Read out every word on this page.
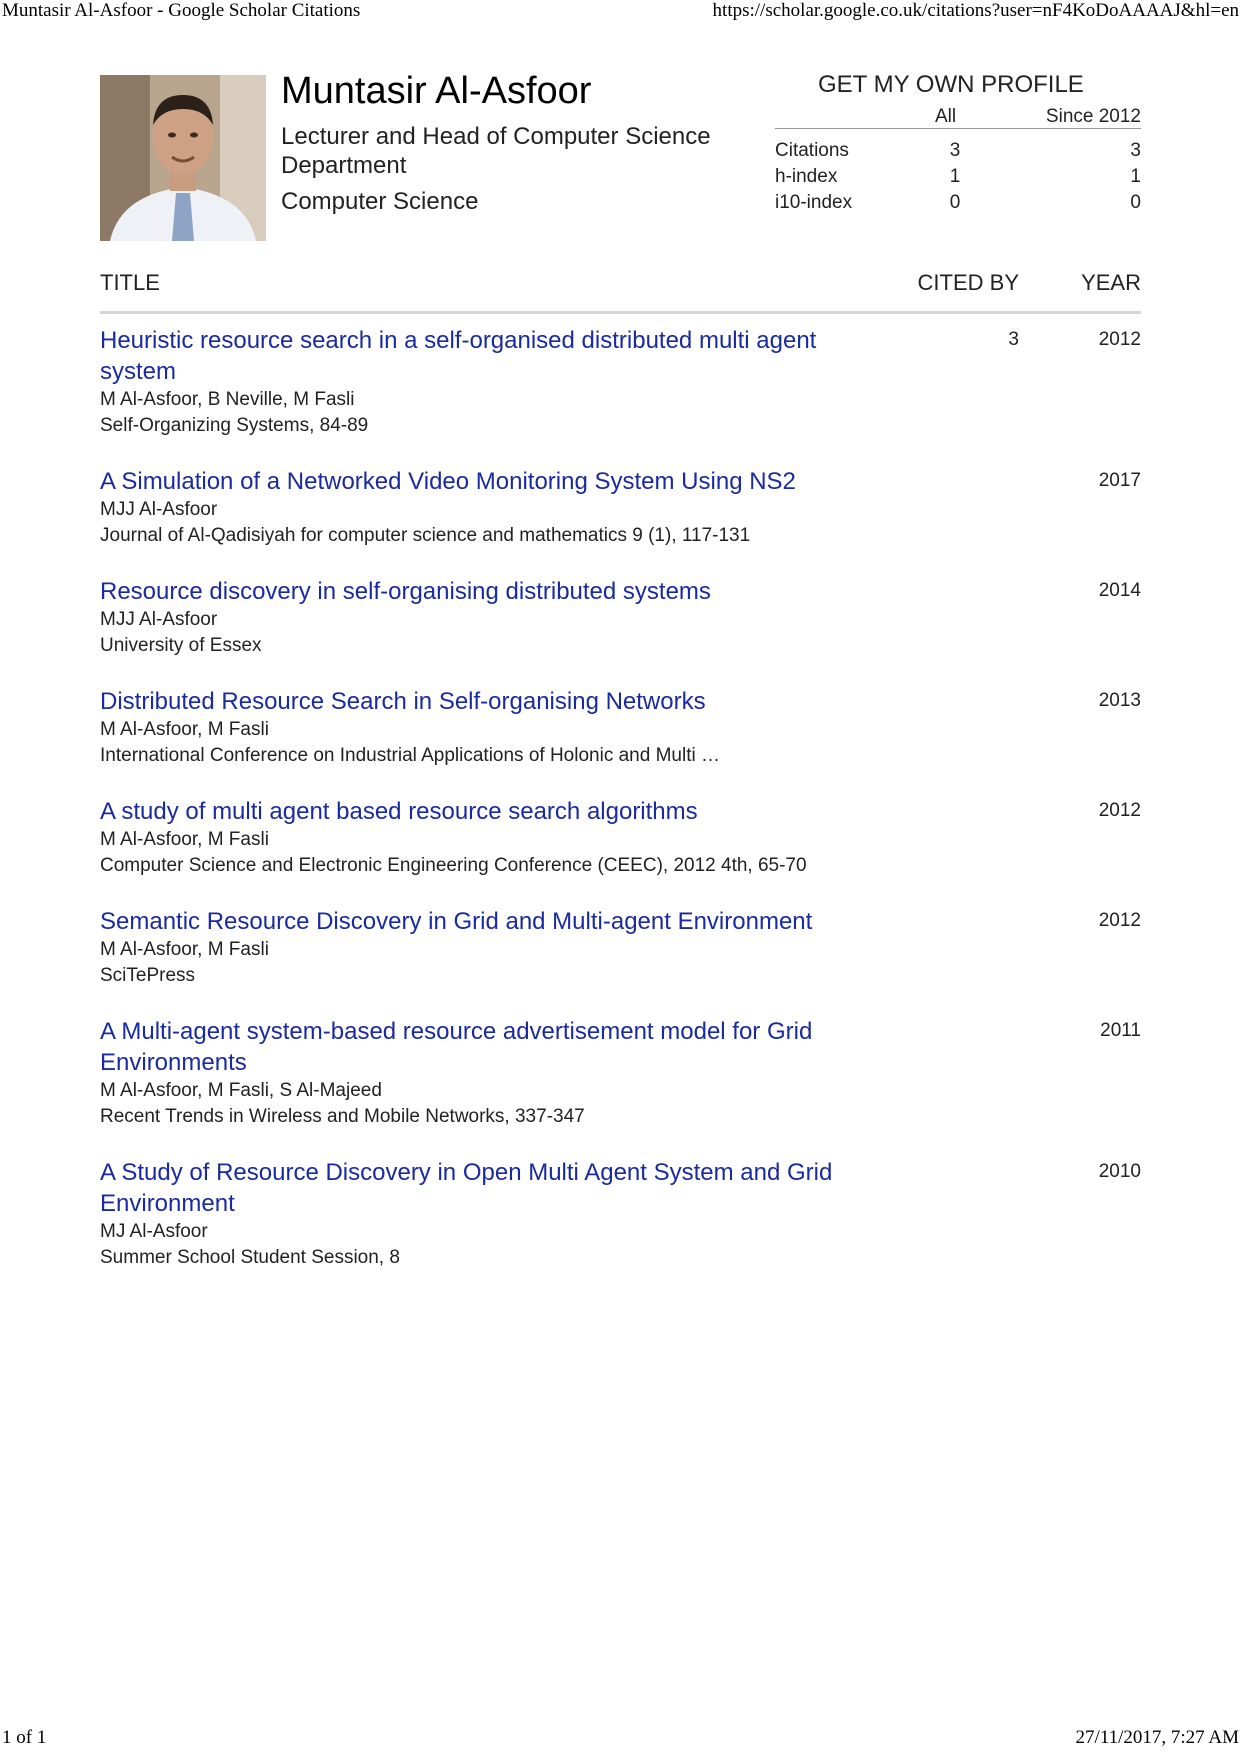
Muntasir Al-Asfoor - Google Scholar Citations	https://scholar.google.co.uk/citations?user=nF4KoDoAAAAJ&hl=en
Muntasir Al-Asfoor
Lecturer and Head of Computer Science Department
Computer Science
GET MY OWN PROFILE
All	Since 2012
Citations	3	3
h-index	1	1
i10-index	0	0
TITLE	CITED BY	YEAR
Heuristic resource search in a self-organised distributed multi agent system
M Al-Asfoor, B Neville, M Fasli
Self-Organizing Systems, 84-89
3	2012
A Simulation of a Networked Video Monitoring System Using NS2
MJJ Al-Asfoor
Journal of Al-Qadisiyah for computer science and mathematics 9 (1), 117-131
2017
Resource discovery in self-organising distributed systems
MJJ Al-Asfoor
University of Essex
2014
Distributed Resource Search in Self-organising Networks
M Al-Asfoor, M Fasli
International Conference on Industrial Applications of Holonic and Multi …
2013
A study of multi agent based resource search algorithms
M Al-Asfoor, M Fasli
Computer Science and Electronic Engineering Conference (CEEC), 2012 4th, 65-70
2012
Semantic Resource Discovery in Grid and Multi-agent Environment
M Al-Asfoor, M Fasli
SciTePress
2012
A Multi-agent system-based resource advertisement model for Grid Environments
M Al-Asfoor, M Fasli, S Al-Majeed
Recent Trends in Wireless and Mobile Networks, 337-347
2011
A Study of Resource Discovery in Open Multi Agent System and Grid Environment
MJ Al-Asfoor
Summer School Student Session, 8
2010
1 of 1	27/11/2017, 7:27 AM
